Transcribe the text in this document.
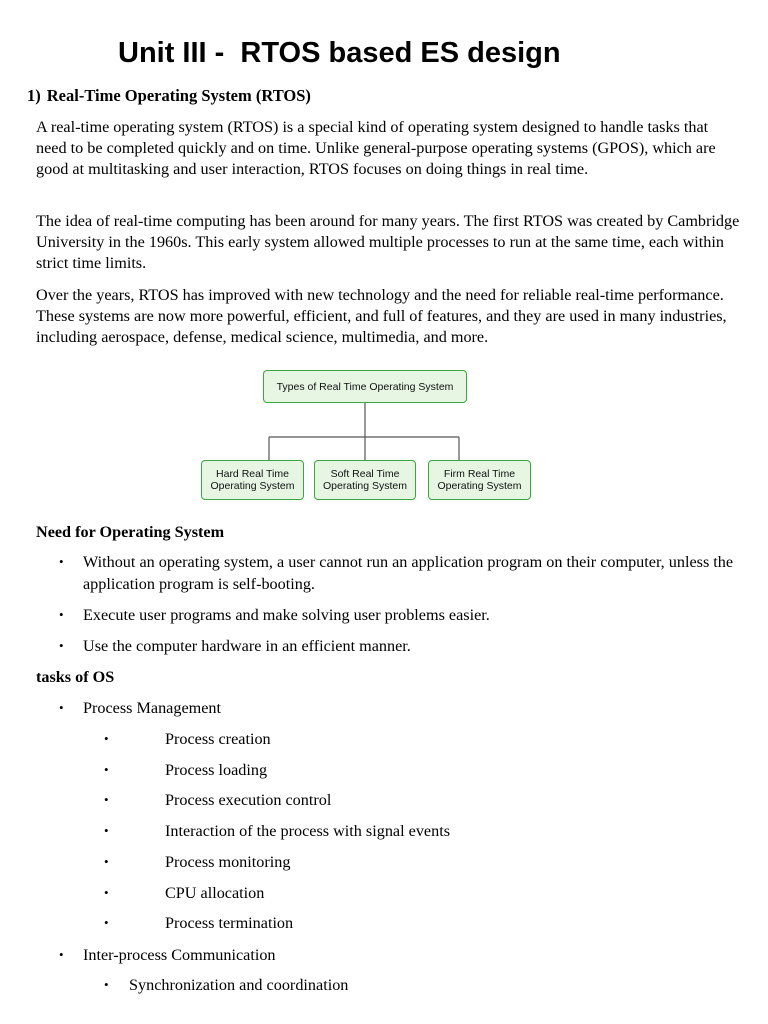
Unit III -  RTOS based ES design
1) Real-Time Operating System (RTOS)

A real-time operating system (RTOS) is a special kind of operating system designed to handle tasks that need to be completed quickly and on time. Unlike general-purpose operating systems (GPOS), which are good at multitasking and user interaction, RTOS focuses on doing things in real time.

The idea of real-time computing has been around for many years. The first RTOS was created by Cambridge University in the 1960s. This early system allowed multiple processes to run at the same time, each within strict time limits.

Over the years, RTOS has improved with new technology and the need for reliable real-time performance. These systems are now more powerful, efficient, and full of features, and they are used in many industries, including aerospace, defense, medical science, multimedia, and more.

Types of Real Time Operating System
Hard Real Time Operating System
Soft Real Time Operating System
Firm Real Time Operating System
Need for Operating System
• Without an operating system, a user cannot run an application program on their computer, unless the application program is self-booting.

• Execute user programs and make solving user problems easier.

• Use the computer hardware in an efficient manner.

tasks of OS
• Process Management

•	Process creation

•	Process loading

•	Process execution control

•	Interaction of the process with signal events

•	Process monitoring

•	CPU allocation

•	Process termination

• Inter-process Communication

• Synchronization and coordination
